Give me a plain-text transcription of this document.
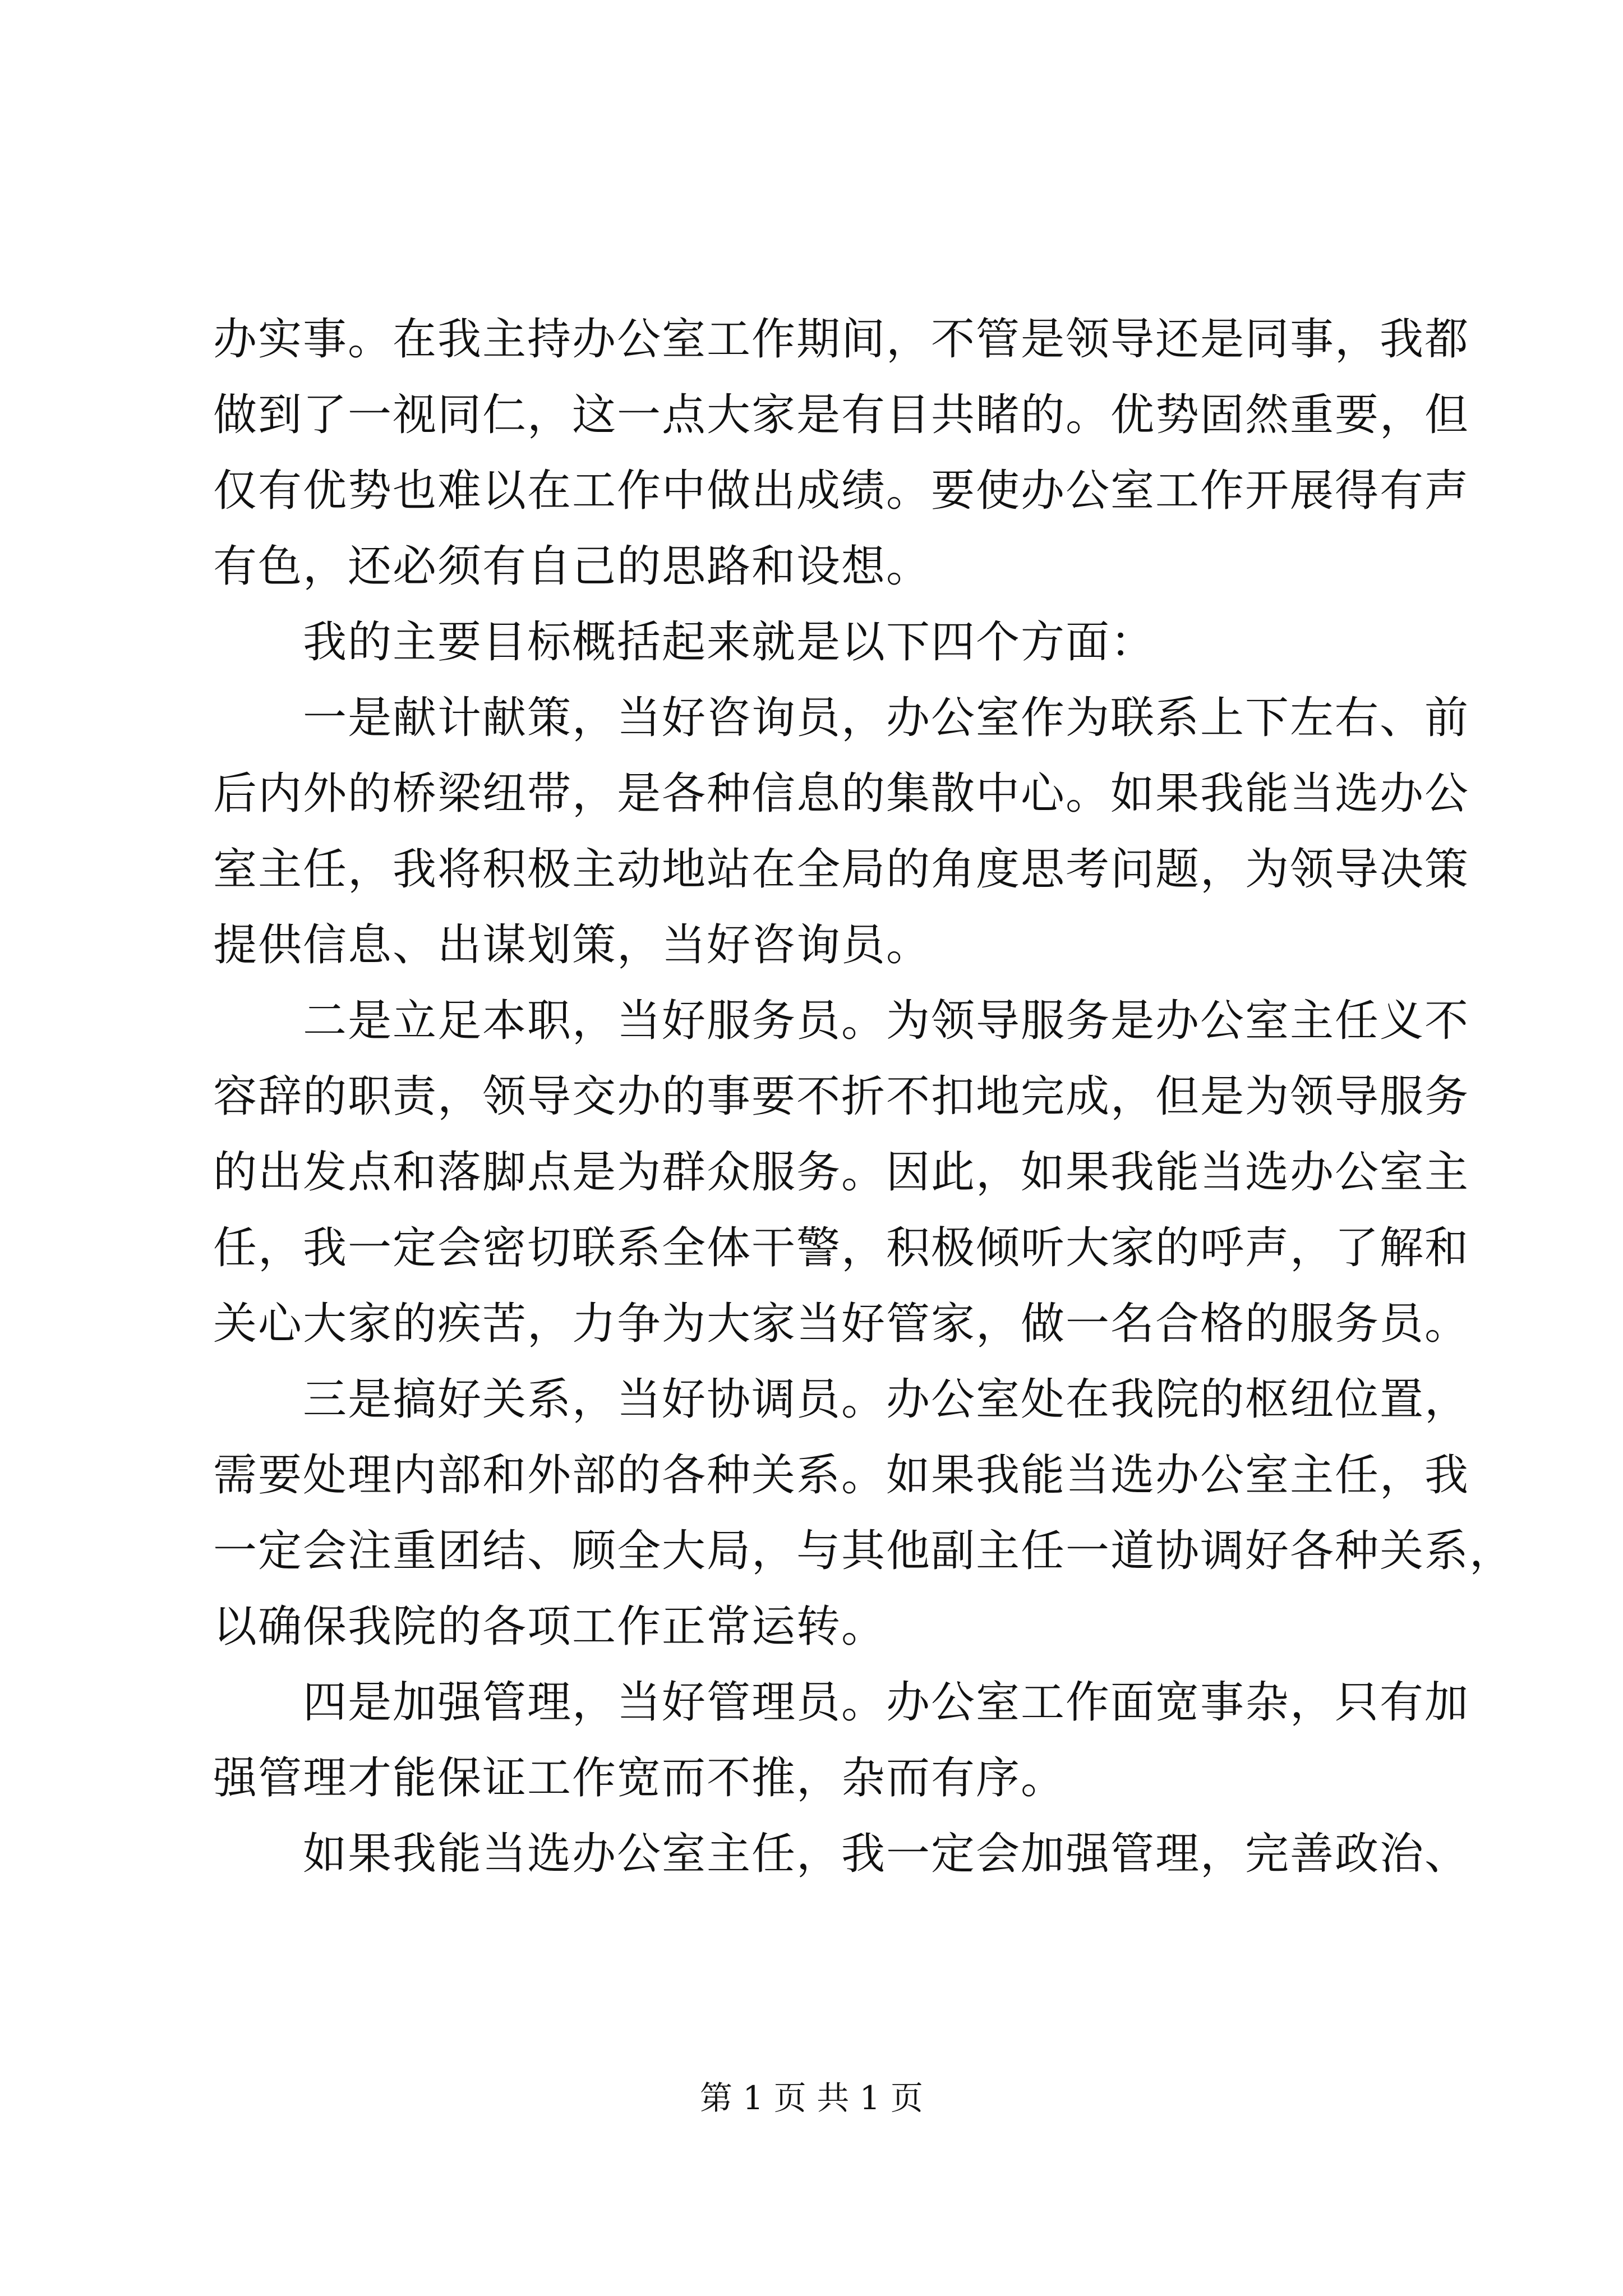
办实事。在我主持办公室工作期间，不管是领导还是同事，我都
做到了一视同仁，这一点大家是有目共睹的。优势固然重要，但
仅有优势也难以在工作中做出成绩。要使办公室工作开展得有声
有色，还必须有自己的思路和设想。
我的主要目标概括起来就是以下四个方面：
一是献计献策，当好咨询员，办公室作为联系上下左右、前
后内外的桥梁纽带，是各种信息的集散中心。如果我能当选办公
室主任，我将积极主动地站在全局的角度思考问题，为领导决策
提供信息、出谋划策，当好咨询员。
二是立足本职，当好服务员。为领导服务是办公室主任义不
容辞的职责，领导交办的事要不折不扣地完成，但是为领导服务
的出发点和落脚点是为群众服务。因此，如果我能当选办公室主
任，我一定会密切联系全体干警，积极倾听大家的呼声，了解和
关心大家的疾苦，力争为大家当好管家，做一名合格的服务员。
三是搞好关系，当好协调员。办公室处在我院的枢纽位置，
需要处理内部和外部的各种关系。如果我能当选办公室主任，我
一定会注重团结、顾全大局，与其他副主任一道协调好各种关系，
以确保我院的各项工作正常运转。
四是加强管理，当好管理员。办公室工作面宽事杂，只有加
强管理才能保证工作宽而不推，杂而有序。
如果我能当选办公室主任，我一定会加强管理，完善政治、
第 1 页 共 1 页
